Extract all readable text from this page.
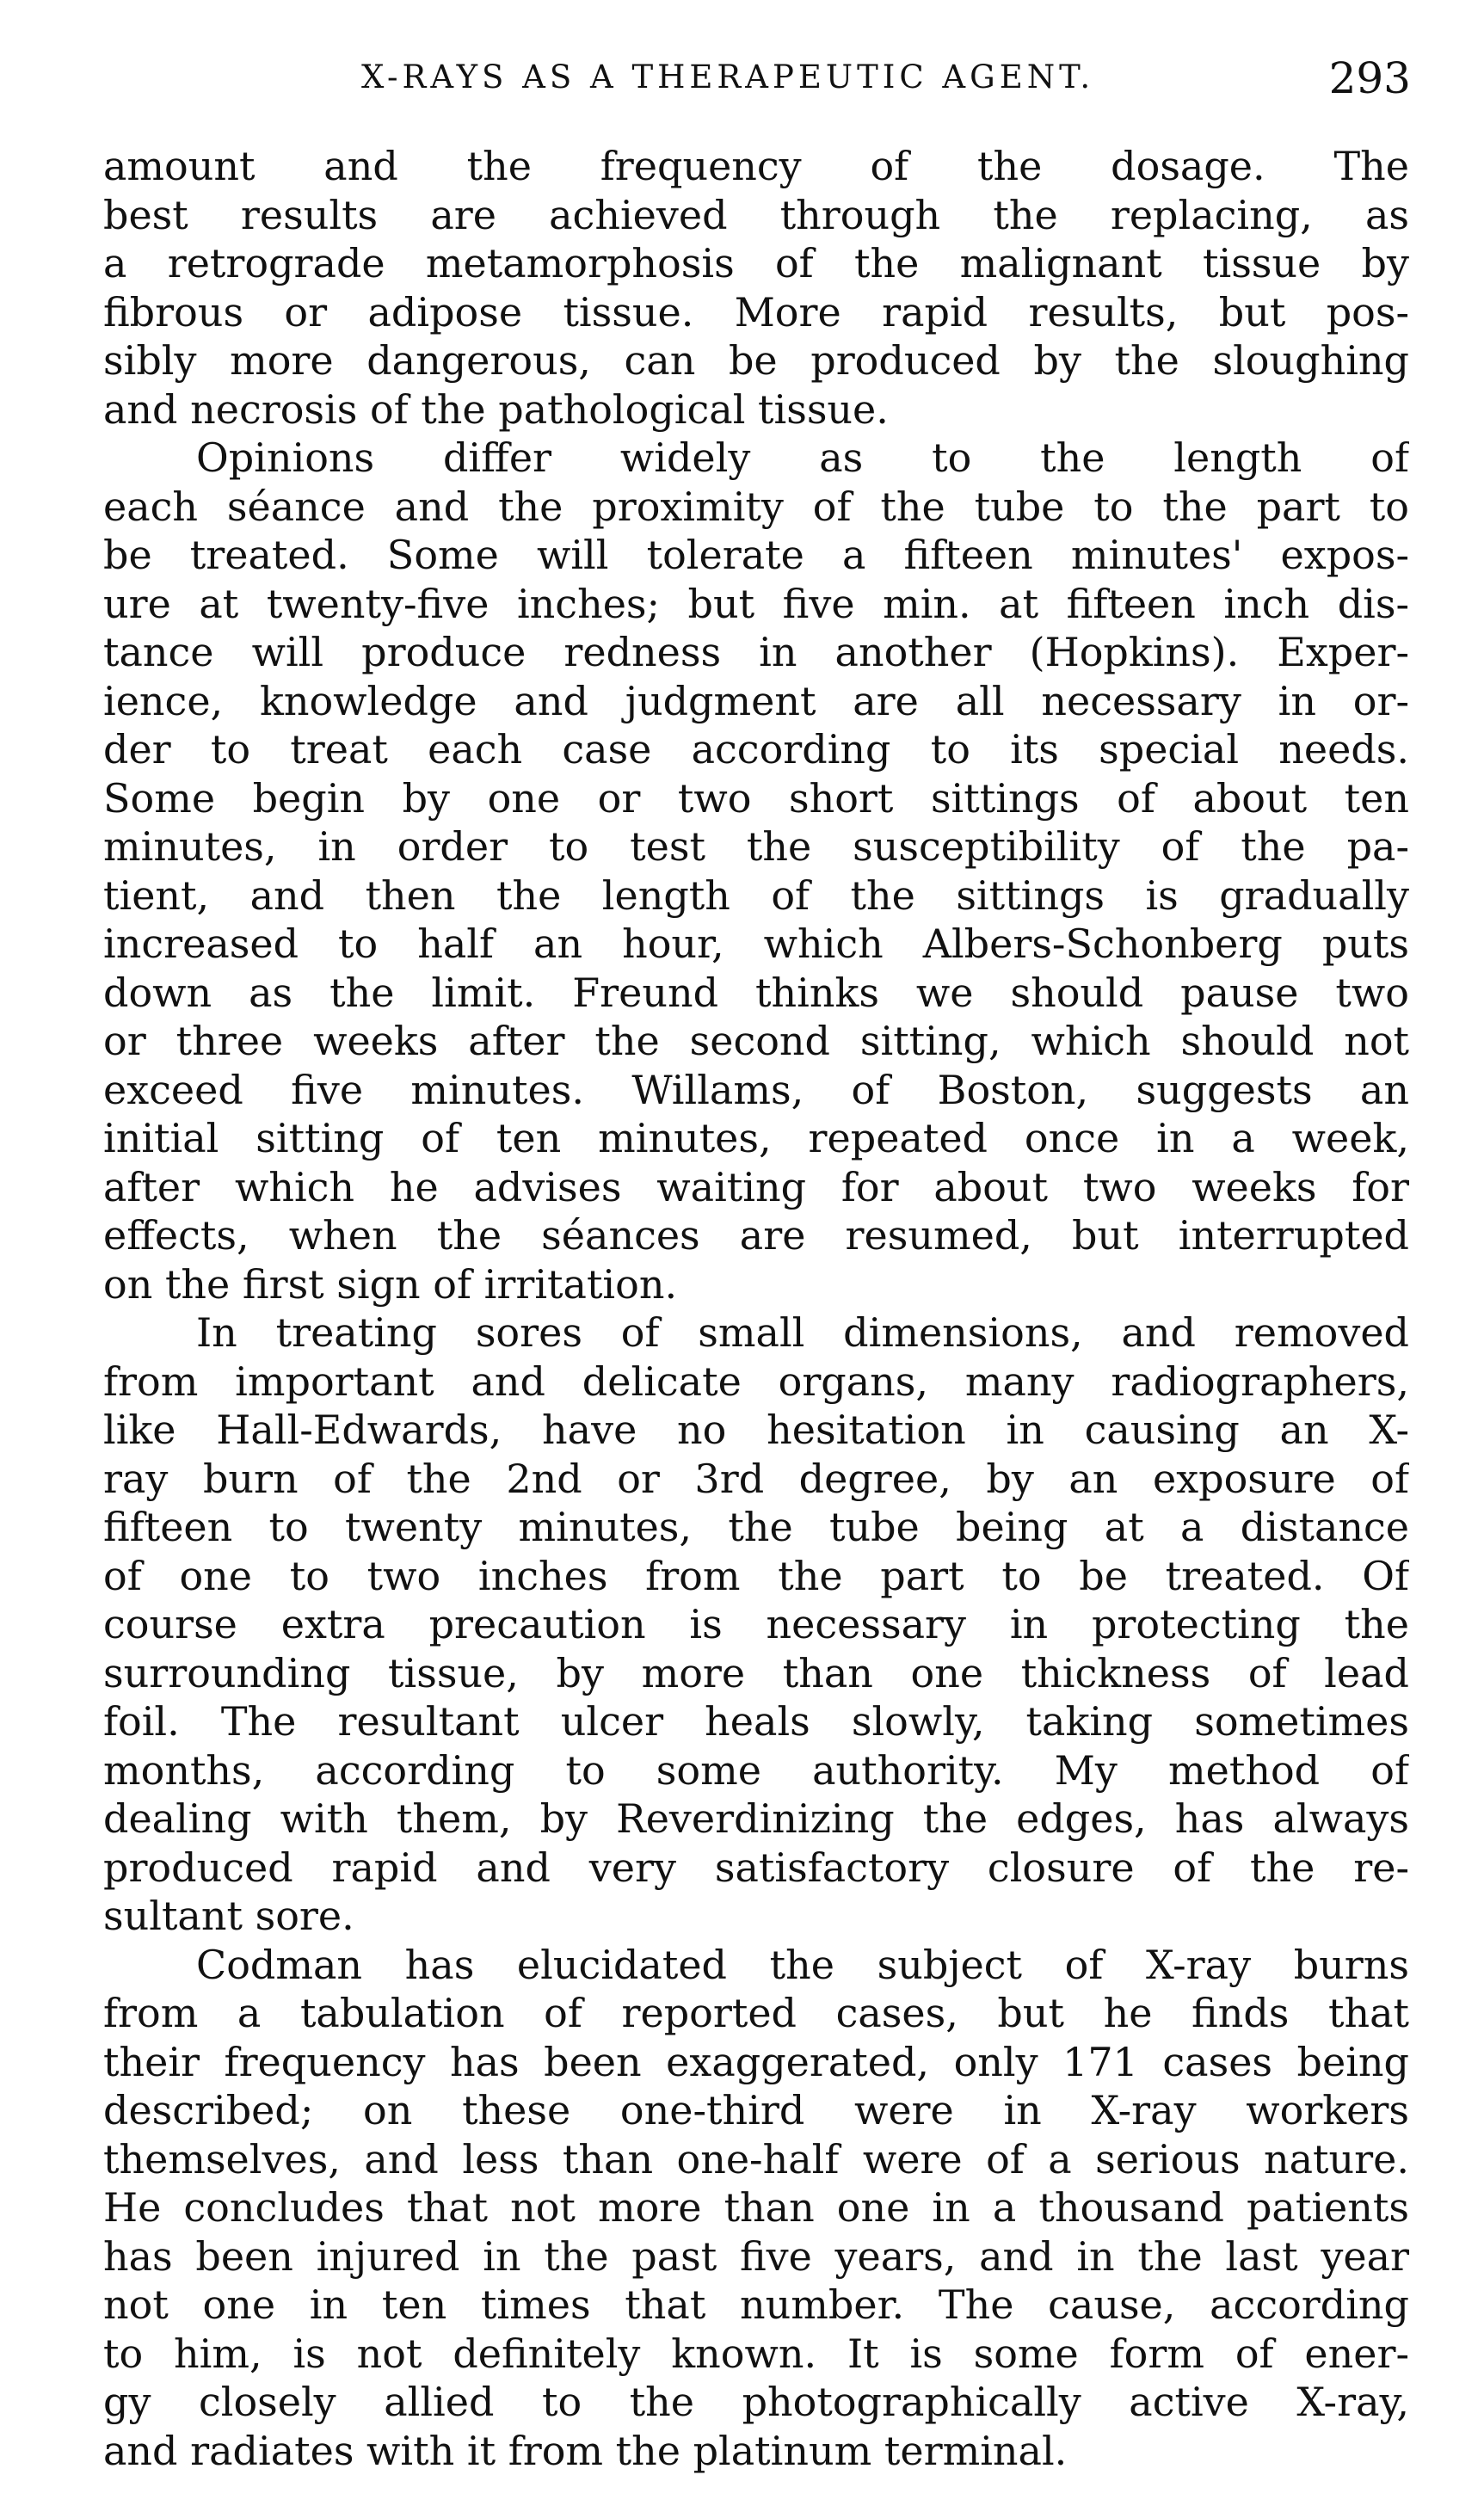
X-RAYS AS A THERAPEUTIC AGENT.	293
amount and the frequency of the dosage. The
best results are achieved through the replacing, as
a retrograde metamorphosis of the malignant tissue by
fibrous or adipose tissue. More rapid results, but pos-
sibly more dangerous, can be produced by the sloughing
and necrosis of the pathological tissue.
Opinions differ widely as to the length of
each séance and the proximity of the tube to the part to
be treated. Some will tolerate a fifteen minutes' expos-
ure at twenty-five inches; but five min. at fifteen inch dis-
tance will produce redness in another (Hopkins). Exper-
ience, knowledge and judgment are all necessary in or-
der to treat each case according to its special needs.
Some begin by one or two short sittings of about ten
minutes, in order to test the susceptibility of the pa-
tient, and then the length of the sittings is gradually
increased to half an hour, which Albers-Schonberg puts
down as the limit. Freund thinks we should pause two
or three weeks after the second sitting, which should not
exceed five minutes. Willams, of Boston, suggests an
initial sitting of ten minutes, repeated once in a week,
after which he advises waiting for about two weeks for
effects, when the séances are resumed, but interrupted
on the first sign of irritation.
In treating sores of small dimensions, and removed
from important and delicate organs, many radiographers,
like Hall-Edwards, have no hesitation in causing an X-
ray burn of the 2nd or 3rd degree, by an exposure of
fifteen to twenty minutes, the tube being at a distance
of one to two inches from the part to be treated. Of
course extra precaution is necessary in protecting the
surrounding tissue, by more than one thickness of lead
foil. The resultant ulcer heals slowly, taking sometimes
months, according to some authority. My method of
dealing with them, by Reverdinizing the edges, has always
produced rapid and very satisfactory closure of the re-
sultant sore.
Codman has elucidated the subject of X-ray burns
from a tabulation of reported cases, but he finds that
their frequency has been exaggerated, only 171 cases being
described; on these one-third were in X-ray workers
themselves, and less than one-half were of a serious nature.
He concludes that not more than one in a thousand patients
has been injured in the past five years, and in the last year
not one in ten times that number. The cause, according
to him, is not definitely known. It is some form of ener-
gy closely allied to the photographically active X-ray,
and radiates with it from the platinum terminal.
